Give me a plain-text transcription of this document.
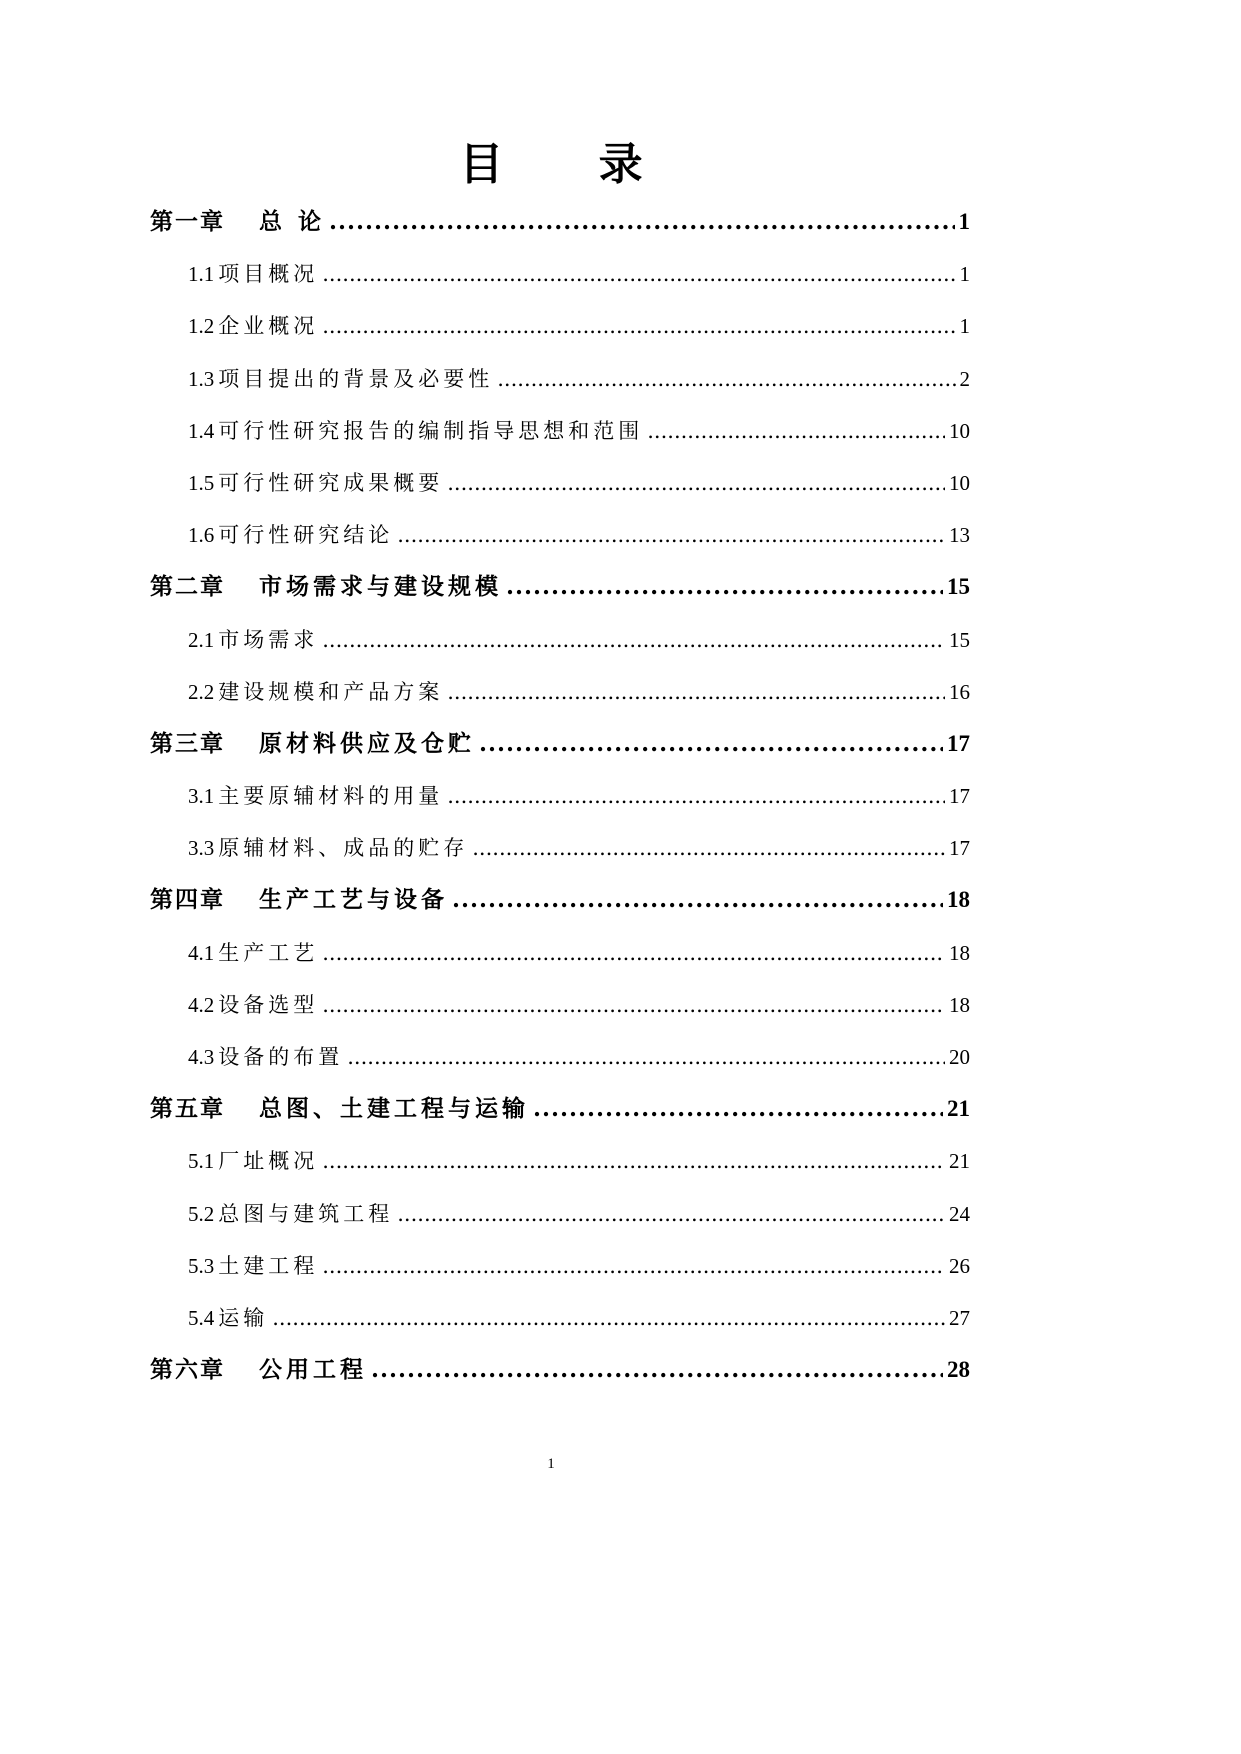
目 录
第一章 总 论 .....	1
1.1 项目概况 .....	1
1.2 企业概况 .....	1
1.3 项目提出的背景及必要性 .....	2
1.4 可行性研究报告的编制指导思想和范围 .....	10
1.5 可行性研究成果概要 .....	10
1.6 可行性研究结论 .....	13
第二章 市场需求与建设规模 .....	15
2.1 市场需求 .....	15
2.2 建设规模和产品方案 .....	16
第三章 原材料供应及仓贮 .....	17
3.1 主要原辅材料的用量 .....	17
3.3 原辅材料、成品的贮存 .....	17
第四章 生产工艺与设备 .....	18
4.1 生产工艺 .....	18
4.2 设备选型 .....	18
4.3 设备的布置 .....	20
第五章 总图、土建工程与运输 .....	21
5.1 厂址概况 .....	21
5.2 总图与建筑工程 .....	24
5.3 土建工程 .....	26
5.4 运输 .....	27
第六章 公用工程 .....	28
1
